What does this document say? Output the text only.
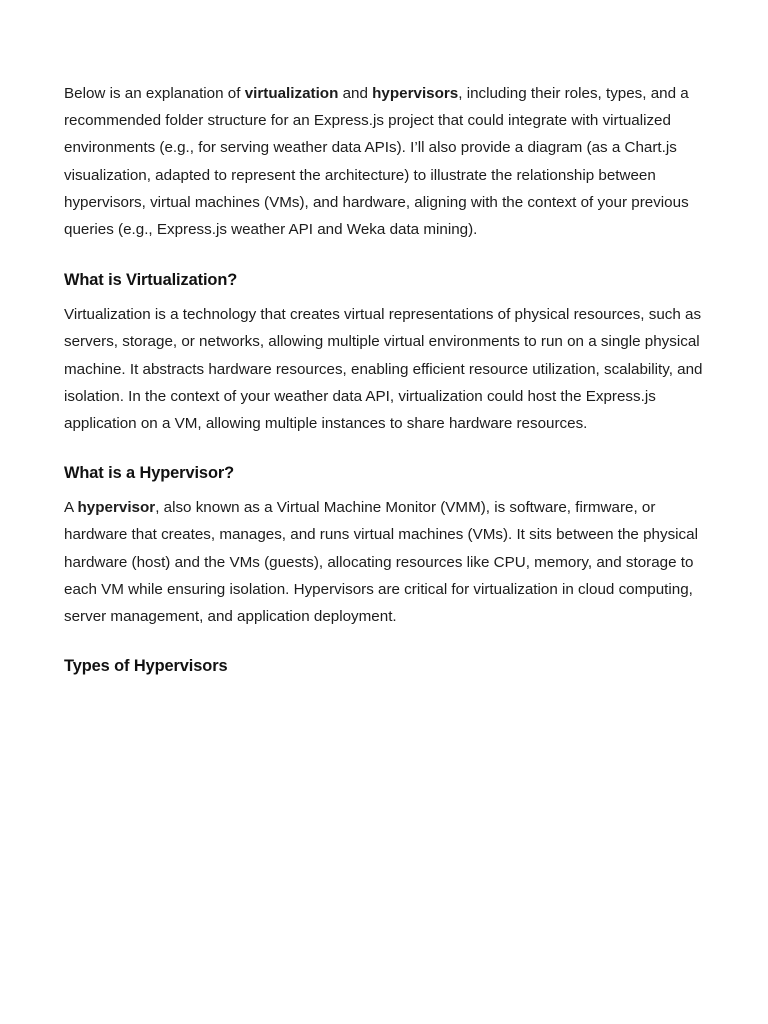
Below is an explanation of virtualization and hypervisors, including their roles, types, and a recommended folder structure for an Express.js project that could integrate with virtualized environments (e.g., for serving weather data APIs). I’ll also provide a diagram (as a Chart.js visualization, adapted to represent the architecture) to illustrate the relationship between hypervisors, virtual machines (VMs), and hardware, aligning with the context of your previous queries (e.g., Express.js weather API and Weka data mining).

What is Virtualization?

Virtualization is a technology that creates virtual representations of physical resources, such as servers, storage, or networks, allowing multiple virtual environments to run on a single physical machine. It abstracts hardware resources, enabling efficient resource utilization, scalability, and isolation. In the context of your weather data API, virtualization could host the Express.js application on a VM, allowing multiple instances to share hardware resources.

What is a Hypervisor?

A hypervisor, also known as a Virtual Machine Monitor (VMM), is software, firmware, or hardware that creates, manages, and runs virtual machines (VMs). It sits between the physical hardware (host) and the VMs (guests), allocating resources like CPU, memory, and storage to each VM while ensuring isolation. Hypervisors are critical for virtualization in cloud computing, server management, and application deployment.

Types of Hypervisors
